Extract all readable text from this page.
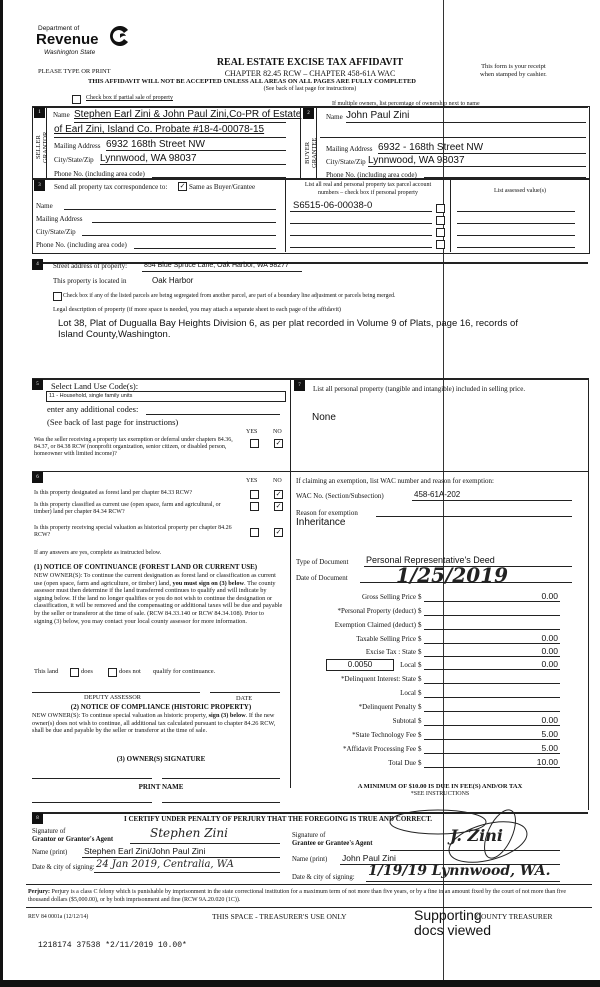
Department of
Revenue
Washington State
PLEASE TYPE OR PRINT
REAL ESTATE EXCISE TAX AFFIDAVIT
CHAPTER 82.45 RCW – CHAPTER 458-61A WAC
THIS AFFIDAVIT WILL NOT BE ACCEPTED UNLESS ALL AREAS ON ALL PAGES ARE FULLY COMPLETED
(See back of last page for instructions)
This form is your receipt
when stamped by cashier.
Check box if partial sale of property
If multiple owners, list percentage of ownership next to name
1
SELLER GRANTOR
Name Stephen Earl Zini & John Paul Zini,Co-PR of Estate
of Earl Zini, Island Co. Probate #18-4-00078-15
Mailing Address 6932 168th Street NW
City/State/Zip Lynnwood, WA 98037
Phone No. (including area code)
2
BUYER GRANTEE
Name John Paul Zini
Mailing Address 6932 - 168th Street NW
City/State/Zip Lynnwood, WA 98037
Phone No. (including area code)
3	Send all property tax correspondence to: ✓ Same as Buyer/Grantee
Name
Mailing Address
City/State/Zip
Phone No. (including area code)
List all real and personal property tax parcel account
numbers – check box if personal property	List assessed value(s)
S6515-06-00038-0
4	Street address of property: 854 Blue Spruce Lane, Oak Harbor, WA 98277
This property is located in	Oak Harbor
Check box if any of the listed parcels are being segregated from another parcel, are part of a boundary line adjustment or parcels being merged.
Legal description of property (if more space is needed, you may attach a separate sheet to each page of the affidavit)
Lot 38, Plat of Dugualla Bay Heights Division 6, as per plat recorded in Volume 9 of Plats, page 16, records of
Island County,Washington.
5	Select Land Use Code(s):
11 - Household, single family units
enter any additional codes:
(See back of last page for instructions)
YES	NO
Was the seller receiving a property tax exemption or deferral under chapters 84.36, 84.37, or 84.38 RCW (nonprofit organization, senior citizen, or disabled person, homeowner with limited income)?
✓
7	List all personal property (tangible and intangible) included in selling price.
None
6
YES	NO
Is this property designated as forest land per chapter 84.33 RCW?	✓
Is this property classified as current use (open space, farm and agricultural, or timber) land per chapter 84.34 RCW?
✓
Is this property receiving special valuation as historical property per chapter 84.26 RCW?	✓
If any answers are yes, complete as instructed below.
(1) NOTICE OF CONTINUANCE (FOREST LAND OR CURRENT USE)
NEW OWNER(S): To continue the current designation as forest land or classification as current use (open space, farm and agriculture, or timber) land, you must sign on (3) below. The county assessor must then determine if the land transferred continues to qualify and will indicate by signing below. If the land no longer qualifies or you do not wish to continue the designation or classification, it will be removed and the compensating or additional taxes will be due and payable by the seller or transferor at the time of sale. (RCW 84.33.140 or RCW 84.34.108). Prior to signing (3) below, you may contact your local county assessor for more information.
This land	does	does not qualify for continuance.
DEPUTY ASSESSOR	DATE
(2) NOTICE OF COMPLIANCE (HISTORIC PROPERTY)
NEW OWNER(S): To continue special valuation as historic property, sign (3) below. If the new owner(s) does not wish to continue, all additional tax calculated pursuant to chapter 84.26 RCW, shall be due and payable by the seller or transferor at the time of sale.
(3) OWNER(S) SIGNATURE
PRINT NAME
If claiming an exemption, list WAC number and reason for exemption:
WAC No. (Section/Subsection)	458-61A-202
Reason for exemption
Inheritance
Type of Document Personal Representative's Deed
Date of Document 1/25/2019
Gross Selling Price $	0.00
*Personal Property (deduct) $
Exemption Claimed (deduct) $
Taxable Selling Price $	0.00
Excise Tax : State $	0.00
0.0050	Local $	0.00
*Delinquent Interest: State $
Local $
*Delinquent Penalty $
Subtotal $	0.00
*State Technology Fee $	5.00
*Affidavit Processing Fee $	5.00
Total Due $	10.00
A MINIMUM OF $10.00 IS DUE IN FEE(S) AND/OR TAX
*SEE INSTRUCTIONS
8	I CERTIFY UNDER PENALTY OF PERJURY THAT THE FOREGOING IS TRUE AND CORRECT.
Signature of
Grantor or Grantor's Agent	Stephen Zini
Name (print) Stephen Earl Zini/John Paul Zini
Date & city of signing: 24 Jan 2019, Centralia, WA
Signature of
Grantee or Grantee's Agent	J. Zini
Name (print) John Paul Zini
Date & city of signing: 1/19/19 Lynnwood, WA.
Perjury: Perjury is a class C felony which is punishable by imprisonment in the state correctional institution for a maximum term of not more than five years, or by a fine in an amount fixed by the court of not more than five thousand dollars ($5,000.00), or by both imprisonment and fine (RCW 9A.20.020 (1C)).
REV 84 0001a (12/12/14)	THIS SPACE - TREASURER'S USE ONLY	COUNTY TREASURER
Supporting
docs viewed
1218174 37538 *2/11/2019 10.00*
